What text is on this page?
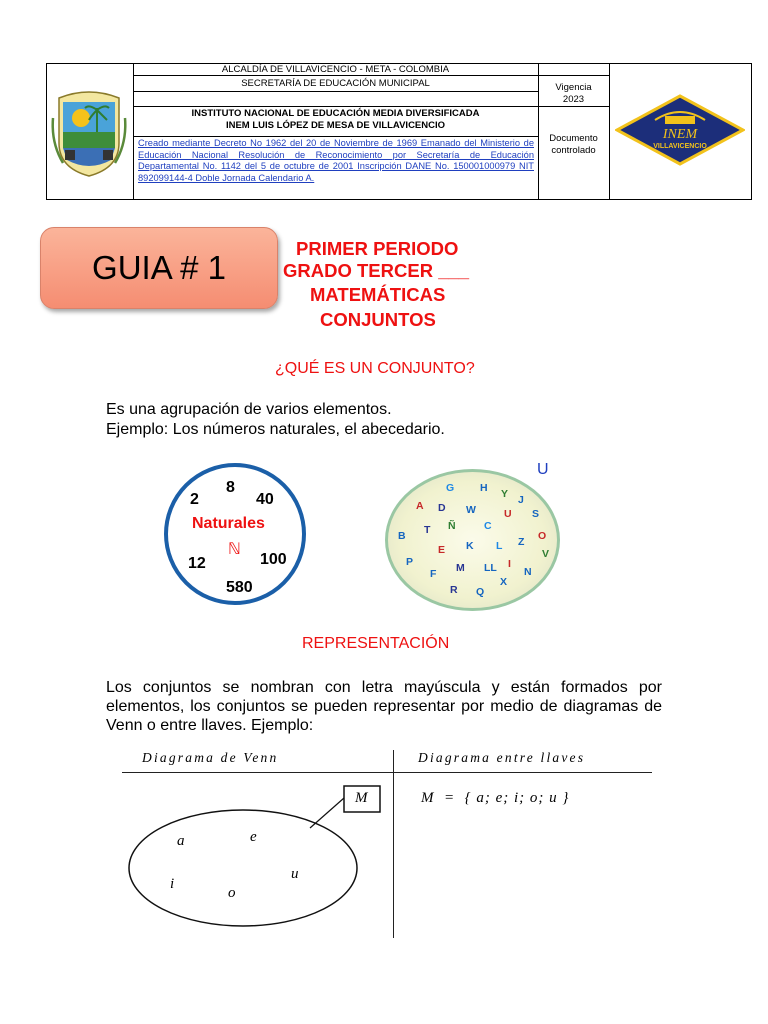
ALCALDÍA DE VILLAVICENCIO - META - COLOMBIA
SECRETARÍA DE EDUCACIÓN MUNICIPAL
INSTITUTO NACIONAL DE EDUCACIÓN MEDIA DIVERSIFICADA
INEM LUIS LÓPEZ DE MESA DE VILLAVICENCIO
Creado mediante Decreto No 1962 del 20 de Noviembre de 1969 Emanado del Ministerio de Educación Nacional Resolución de Reconocimiento por Secretaría de Educación Departamental No. 1142 del 5 de octubre de 2001 Inscripción DANE No. 150001000979 NIT 892099144-4 Doble Jornada Calendario A.
Vigencia
2023
Documento
controlado
INEM
VILLAVICENCIO
GUIA # 1
PRIMER PERIODO
GRADO TERCER ___
MATEMÁTICAS
CONJUNTOS
¿QUÉ ES UN CONJUNTO?
Es una agrupación de varios elementos.
Ejemplo: Los números naturales, el abecedario.
2
8
40
Naturales
ℕ
12	100
580
U
G H Y J
A D W	U S
B T Ñ	C
O
E K L Z
V
P
F M LL I
N
X
R Q
REPRESENTACIÓN
Los conjuntos se nombran con letra mayúscula y están formados por elementos, los conjuntos se pueden representar por medio de diagramas de Venn o entre llaves. Ejemplo:
Diagrama de Venn	Diagrama entre llaves
M
a	e
i
o
u
M  =  { a; e; i; o; u }
